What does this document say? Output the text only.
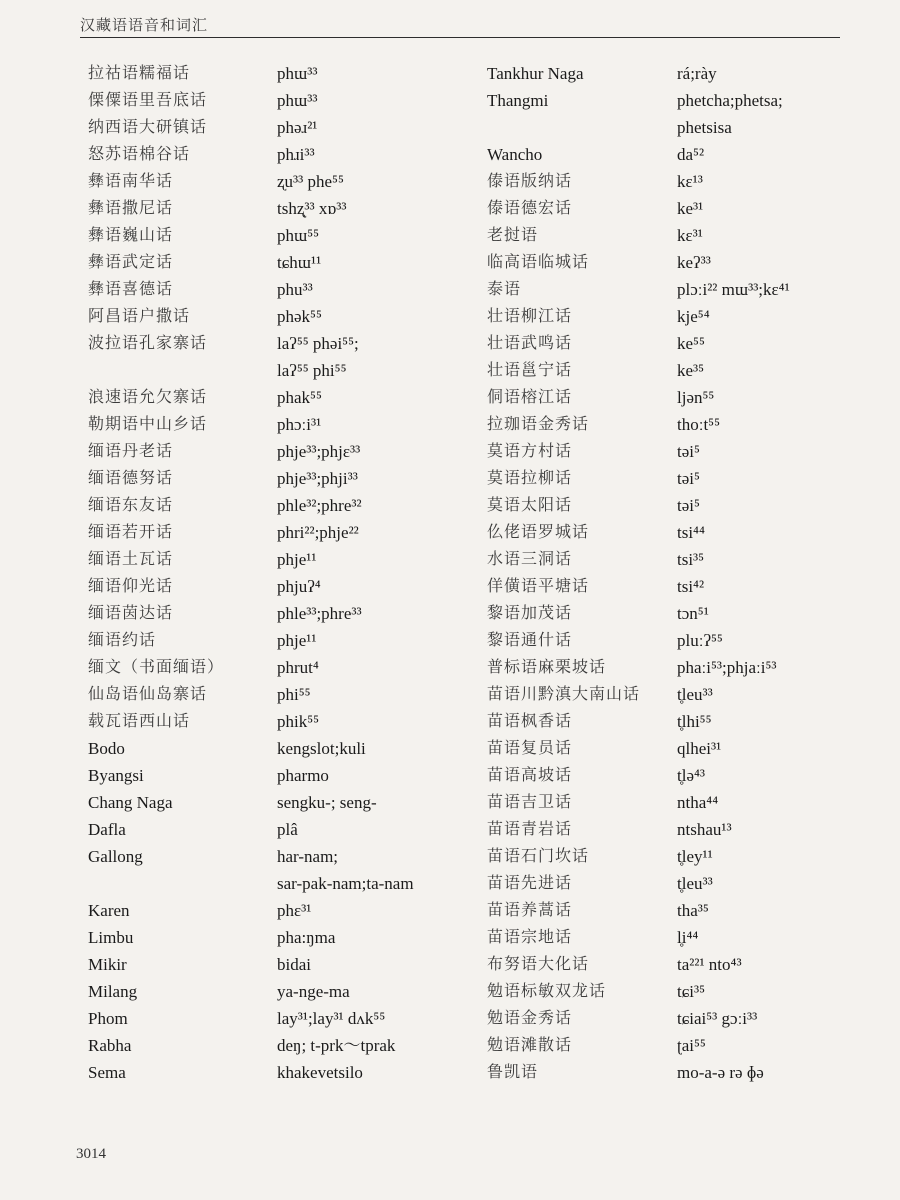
汉藏语语音和词汇
拉祜语糯福话	phɯ³³
傈僳语里吾底话	phɯ³³
纳西语大研镇话	phəɹ²¹
怒苏语棉谷话	phɹi³³
彝语南华话	ʐu³³ phe⁵⁵
彝语撒尼话	tshʐ̩³³ xɒ³³
彝语巍山话	phɯ⁵⁵
彝语武定话	tɕhɯ¹¹
彝语喜德话	phu³³
阿昌语户撒话	phək⁵⁵
波拉语孔家寨话	laʔ⁵⁵ phəi⁵⁵;
laʔ⁵⁵ phi⁵⁵
浪速语允欠寨话	phak⁵⁵
勒期语中山乡话	phɔːi³¹
缅语丹老话	phje³³;phjɛ³³
缅语德努话	phje³³;phji³³
缅语东友话	phle³²;phre³²
缅语若开话	phri²²;phje²²
缅语土瓦话	phje¹¹
缅语仰光话	phjuʔ⁴
缅语茵达话	phle³³;phre³³
缅语约话	phje¹¹
缅文（书面缅语）	phrut⁴
仙岛语仙岛寨话	phi⁵⁵
载瓦语西山话	phik⁵⁵
Bodo	kengslot;kuli
Byangsi	pharmo
Chang Naga	sengku-; seng-
Dafla	plâ
Gallong	har-nam;
sar-pak-nam;ta-nam
Karen	phɛ³¹
Limbu	pha:ŋma
Mikir	bidai
Milang	ya-nge-ma
Phom	lay³¹;lay³¹ dʌk⁵⁵
Rabha	deŋ; t-prk～tprak
Sema	khakevetsilo
Tankhur Naga	rá;rày
Thangmi	phetcha;phetsa;
phetsisa
Wancho	da⁵²
傣语版纳话	kɛ¹³
傣语德宏话	ke³¹
老挝语	kɛ³¹
临高语临城话	keʔ³³
泰语	plɔːi²² mɯ³³;kɛ⁴¹
壮语柳江话	kje⁵⁴
壮语武鸣话	ke⁵⁵
壮语邕宁话	ke³⁵
侗语榕江话	ljən⁵⁵
拉珈语金秀话	thoːt⁵⁵
莫语方村话	təi⁵
莫语拉柳话	təi⁵
莫语太阳话	təi⁵
仫佬语罗城话	tsi⁴⁴
水语三洞话	tsi³⁵
佯僙语平塘话	tsi⁴²
黎语加茂话	tɔn⁵¹
黎语通什话	pluːʔ⁵⁵
普标语麻栗坡话	phaːi⁵³;phjaːi⁵³
苗语川黔滇大南山话	t̥leu³³
苗语枫香话	t̥lhi⁵⁵
苗语复员话	qlhei³¹
苗语高坡话	t̥lə⁴³
苗语吉卫话	ntha⁴⁴
苗语青岩话	ntshau¹³
苗语石门坎话	t̥ley¹¹
苗语先进话	t̥leu³³
苗语养蒿话	tha³⁵
苗语宗地话	l̥i⁴⁴
布努语大化话	ta²²¹ nto⁴³
勉语标敏双龙话	tɕi³⁵
勉语金秀话	tɕiai⁵³ gɔːi³³
勉语滩散话	ʈai⁵⁵
鲁凯语	mo-a-ə rə ɸə
3014
